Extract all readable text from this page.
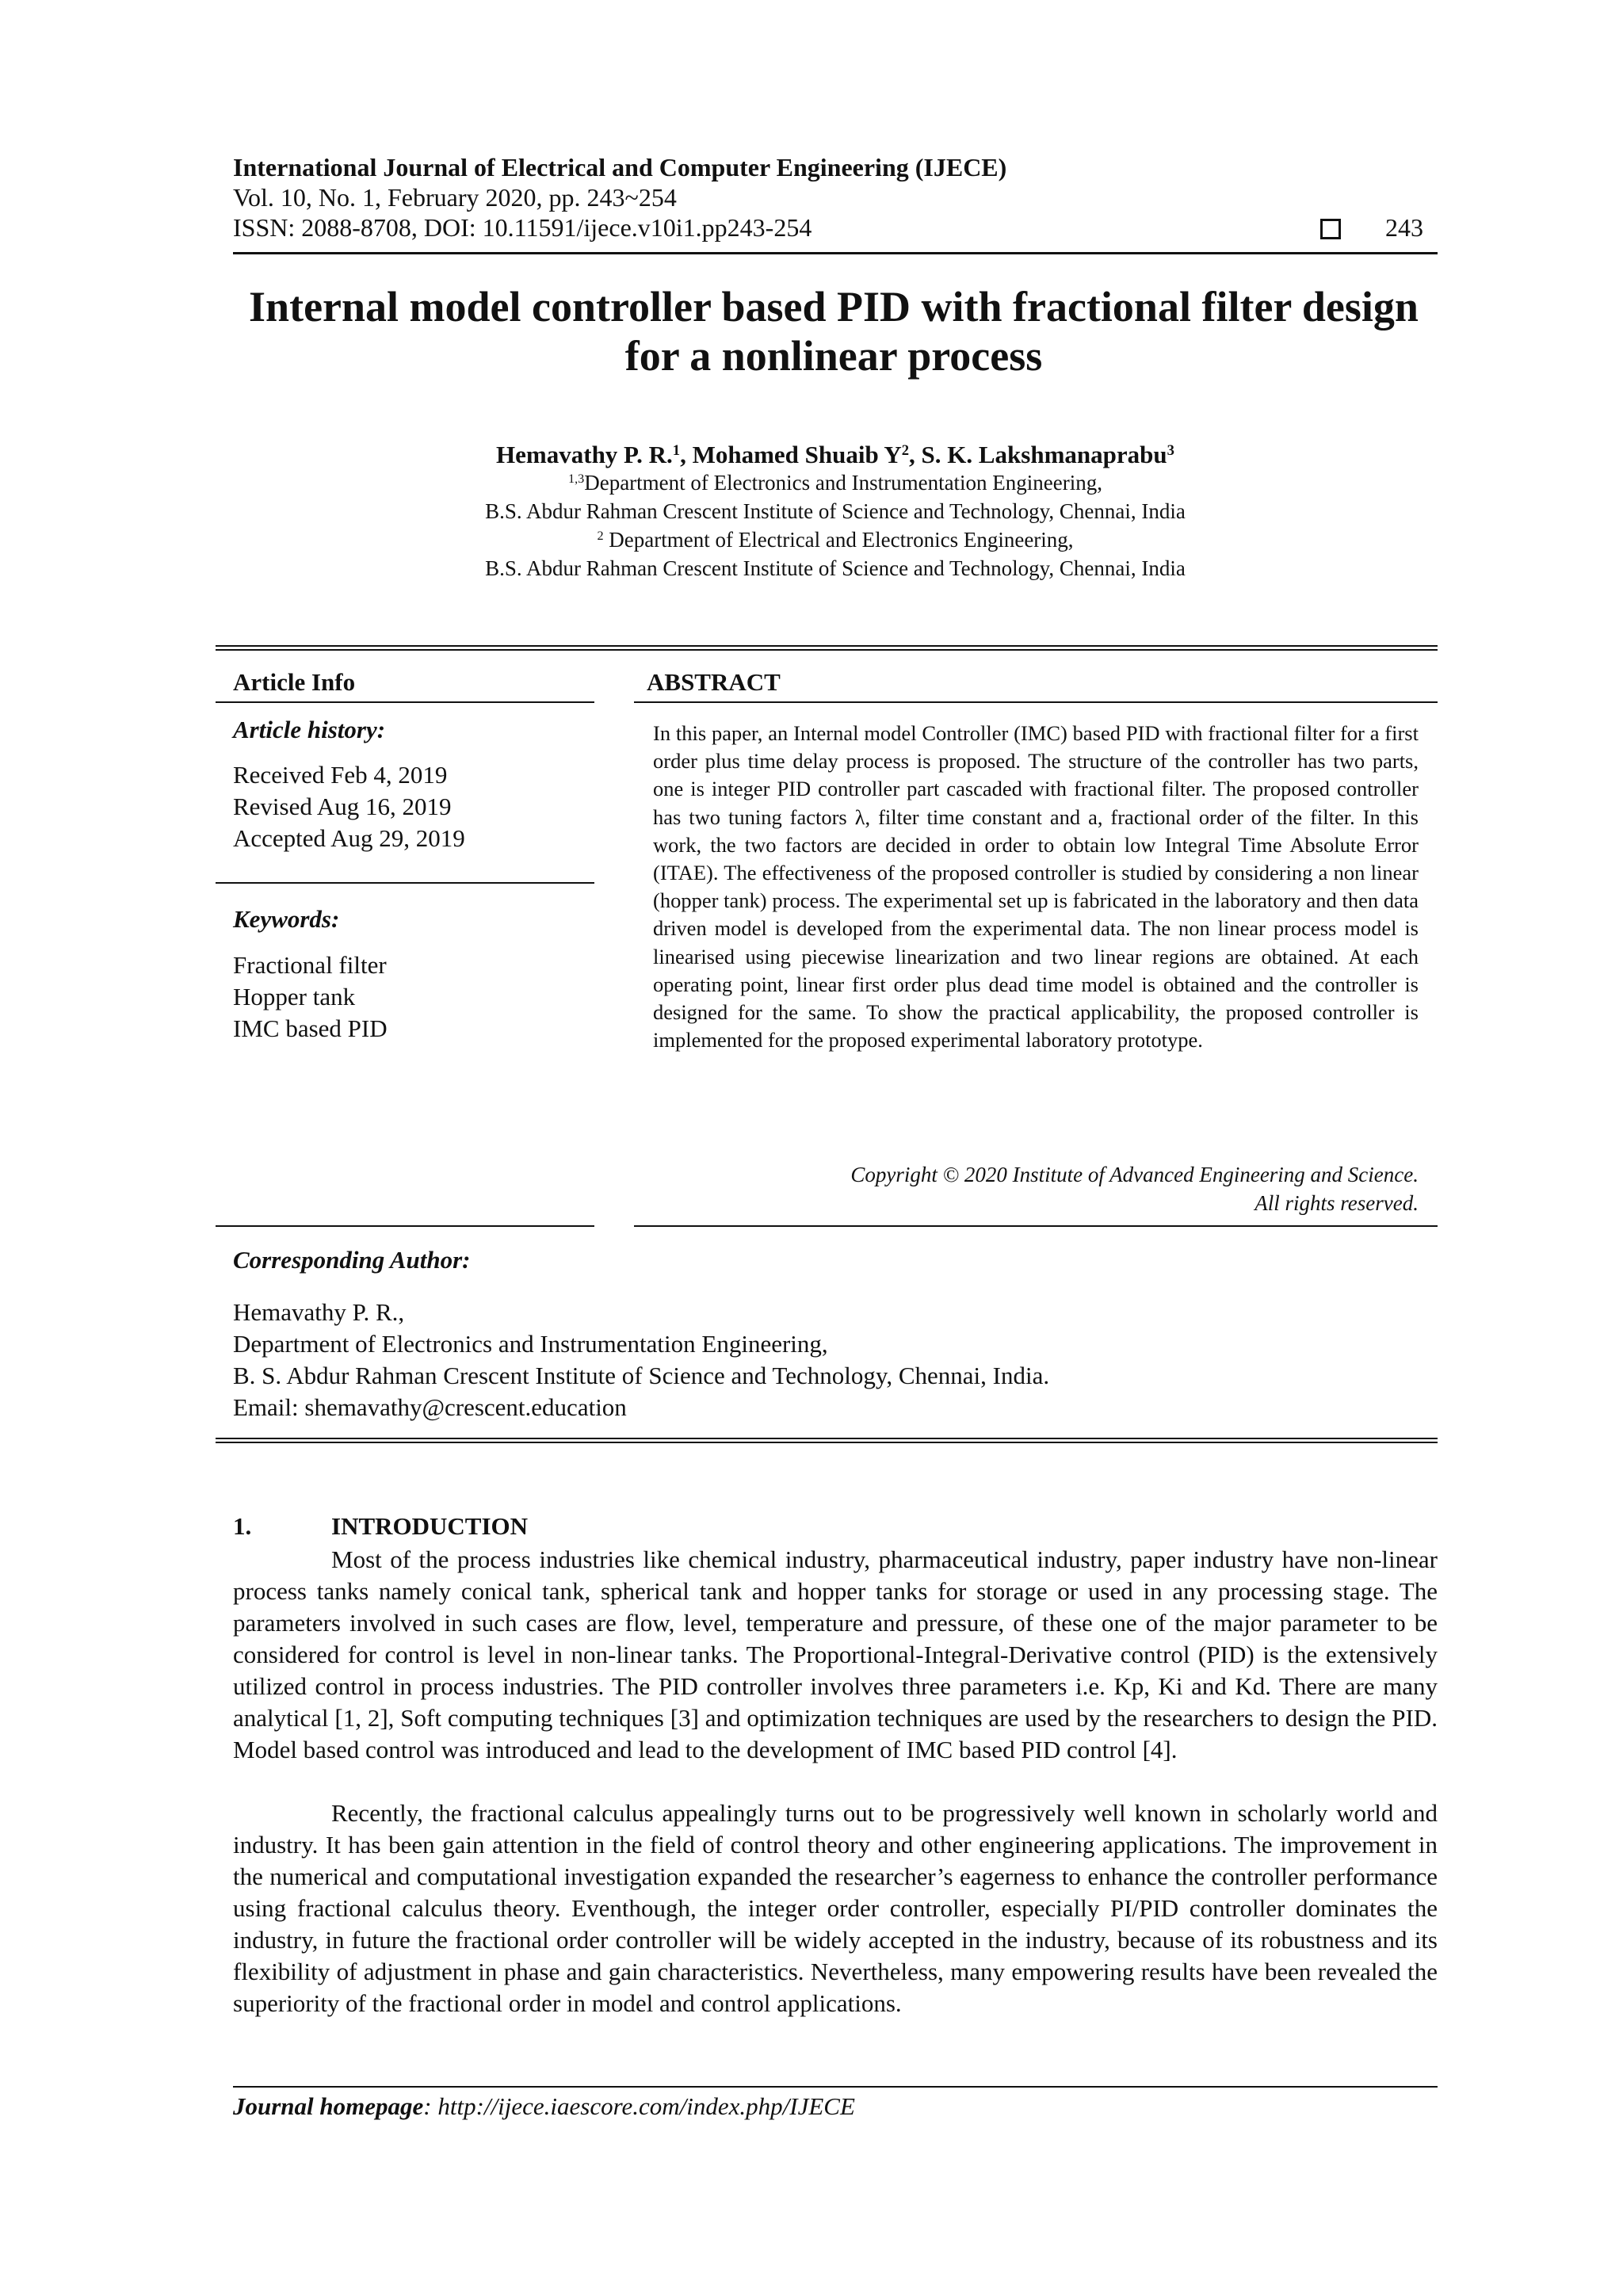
International Journal of Electrical and Computer Engineering (IJECE)
Vol. 10, No. 1, February 2020, pp. 243~254
ISSN: 2088-8708, DOI: 10.11591/ijece.v10i1.pp243-254	243
Internal model controller based PID with fractional filter design
for a nonlinear process
Hemavathy P. R.$^1$, Mohamed Shuaib $Y^2$, S. K. Lakshmanaprabu$^3$
$^{1,3}$Department of Electronics and Instrumentation Engineering,
B.S. Abdur Rahman Crescent Institute of Science and Technology, Chennai, India
$^2$ Department of Electrical and Electronics Engineering,
B.S. Abdur Rahman Crescent Institute of Science and Technology, Chennai, India
Article Info
Article history:
Received Feb 4, 2019
Revised Aug 16, 2019
Accepted Aug 29, 2019
Keywords:
Fractional filter
Hopper tank
IMC based PID
ABSTRACT
In this paper, an Internal model Controller (IMC) based PID with fractional filter for a first order plus time delay process is proposed. The structure of the controller has two parts, one is integer PID controller part cascaded with fractional filter. The proposed controller has two tuning factors λ, filter time constant and a, fractional order of the filter. In this work, the two factors are decided in order to obtain low Integral Time Absolute Error (ITAE). The effectiveness of the proposed controller is studied by considering a non linear (hopper tank) process. The experimental set up is fabricated in the laboratory and then data driven model is developed from the experimental data. The non linear process model is linearised using piecewise linearization and two linear regions are obtained. At each operating point, linear first order plus dead time model is obtained and the controller is designed for the same. To show the practical applicability, the proposed controller is implemented for the proposed experimental laboratory prototype.
Copyright © 2020 Institute of Advanced Engineering and Science.
All rights reserved.
Corresponding Author:
Hemavathy P. R.,
Department of Electronics and Instrumentation Engineering,
B. S. Abdur Rahman Crescent Institute of Science and Technology, Chennai, India.
Email: shemavathy@crescent.education
1.	INTRODUCTION
Most of the process industries like chemical industry, pharmaceutical industry, paper industry have non-linear process tanks namely conical tank, spherical tank and hopper tanks for storage or used in any processing stage. The parameters involved in such cases are flow, level, temperature and pressure, of these one of the major parameter to be considered for control is level in non-linear tanks. The Proportional-Integral-Derivative control (PID) is the extensively utilized control in process industries. The PID controller involves three parameters i.e. Kp, Ki and Kd. There are many analytical [1, 2], Soft computing techniques [3] and optimization techniques are used by the researchers to design the PID. Model based control was introduced and lead to the development of IMC based PID control [4].
Recently, the fractional calculus appealingly turns out to be progressively well known in scholarly world and industry. It has been gain attention in the field of control theory and other engineering applications. The improvement in the numerical and computational investigation expanded the researcher’s eagerness to enhance the controller performance using fractional calculus theory. Eventhough, the integer order controller, especially PI/PID controller dominates the industry, in future the fractional order controller will be widely accepted in the industry, because of its robustness and its flexibility of adjustment in phase and gain characteristics. Nevertheless, many empowering results have been revealed the superiority of the fractional order in model and control applications.
Journal homepage: http://ijece.iaescore.com/index.php/IJECE
